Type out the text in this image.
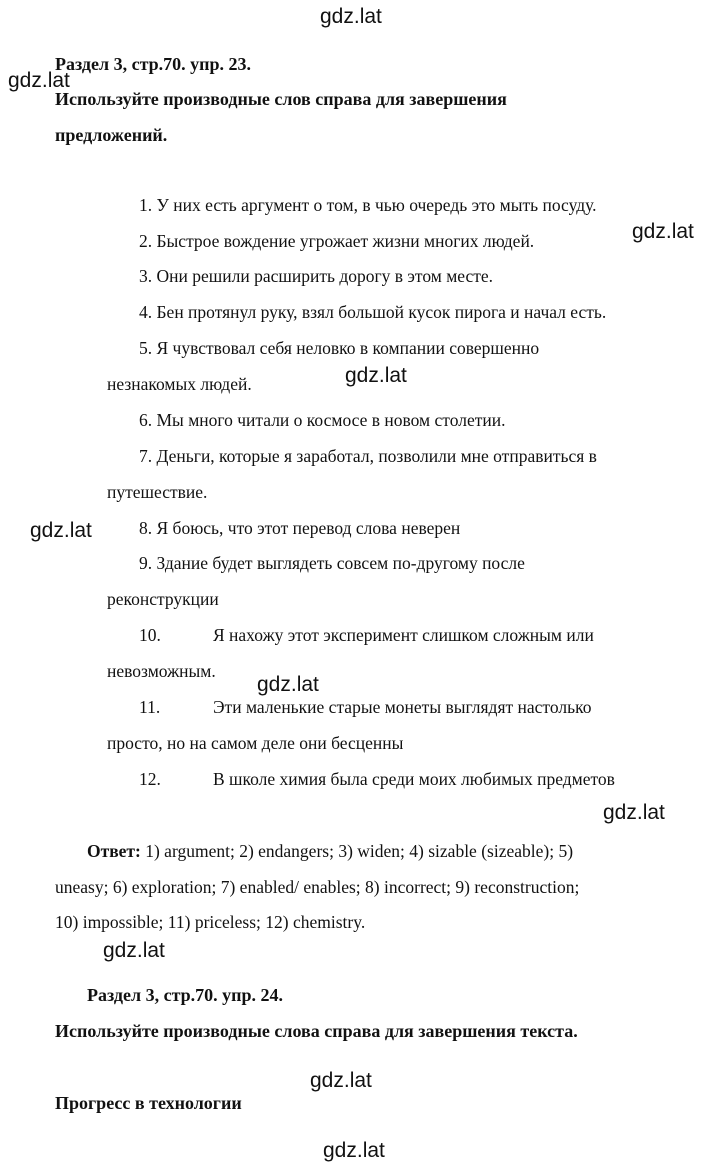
gdz.lat
gdz.lat
gdz.lat
gdz.lat
gdz.lat
gdz.lat
gdz.lat
gdz.lat
gdz.lat
gdz.lat
Раздел 3, стр.70. упр. 23.
Используйте производные слов справа для завершения
предложений.
1. У них есть аргумент о том, в чью очередь это мыть посуду.
2. Быстрое вождение угрожает жизни многих людей.
3. Они решили расширить дорогу в этом месте.
4. Бен протянул руку, взял большой кусок пирога и начал есть.
5. Я чувствовал себя неловко в компании совершенно
незнакомых людей.
6. Мы много читали о космосе в новом столетии.
7. Деньги, которые я заработал, позволили мне отправиться в
путешествие.
8. Я боюсь, что этот перевод слова неверен
9. Здание будет выглядеть совсем по-другому после
реконструкции
10.	Я нахожу этот эксперимент слишком сложным или
невозможным.
11.	Эти маленькие старые монеты выглядят настолько
просто, но на самом деле они бесценны
12.	В школе химия была среди моих любимых предметов
Ответ: 1) argument; 2) endangers; 3) widen; 4) sizable (sizeable); 5)
uneasy; 6) exploration; 7) enabled/ enables; 8) incorrect; 9) reconstruction;
10) impossible; 11) priceless; 12) chemistry.
Раздел 3, стр.70. упр. 24.
Используйте производные слова справа для завершения текста.
Прогресс в технологии
